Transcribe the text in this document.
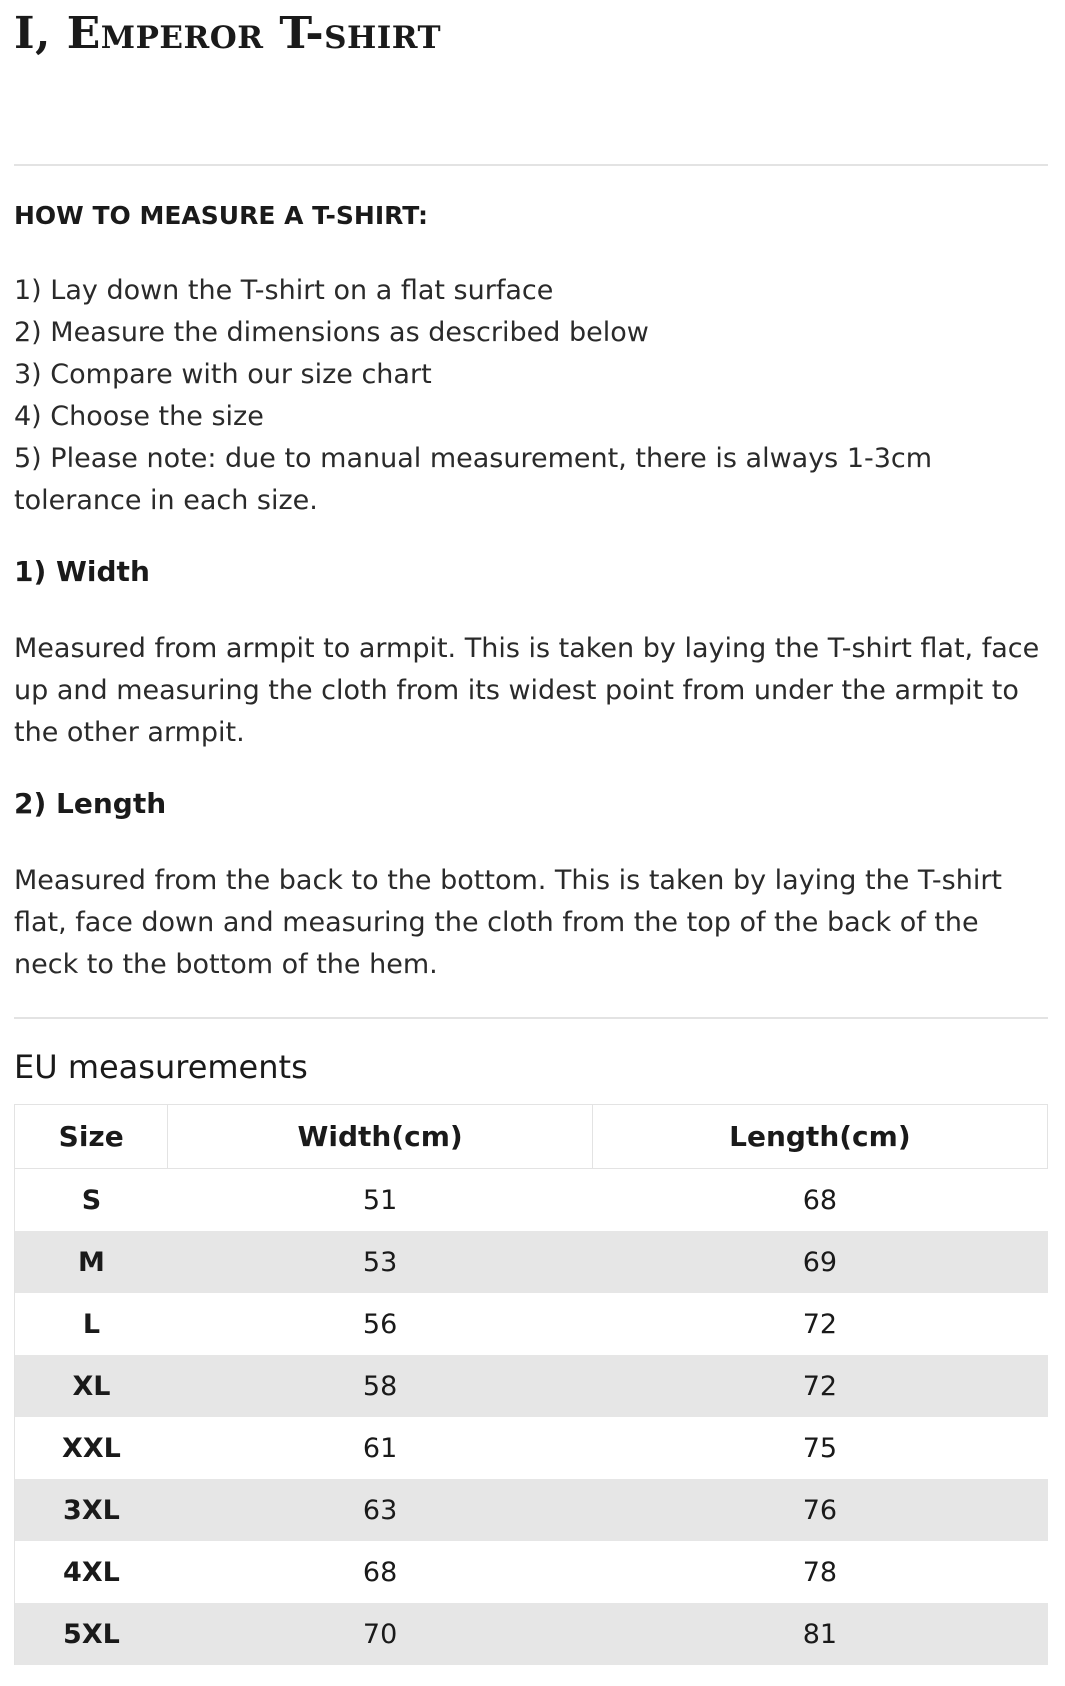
I, Emperor T-shirt
HOW TO MEASURE A T-SHIRT:
1) Lay down the T-shirt on a flat surface
2) Measure the dimensions as described below
3) Compare with our size chart
4) Choose the size
5) Please note: due to manual measurement, there is always 1-3cm tolerance in each size.
1) Width

Measured from armpit to armpit. This is taken by laying the T-shirt flat, face up and measuring the cloth from its widest point from under the armpit to the other armpit.

2) Length

Measured from the back to the bottom. This is taken by laying the T-shirt flat, face down and measuring the cloth from the top of the back of the neck to the bottom of the hem.

EU measurements
Size	Width(cm)	Length(cm)
S	51	68
M	53	69
L	56	72
XL	58	72
XXL	61	75
3XL	63	76
4XL	68	78
5XL	70	81
